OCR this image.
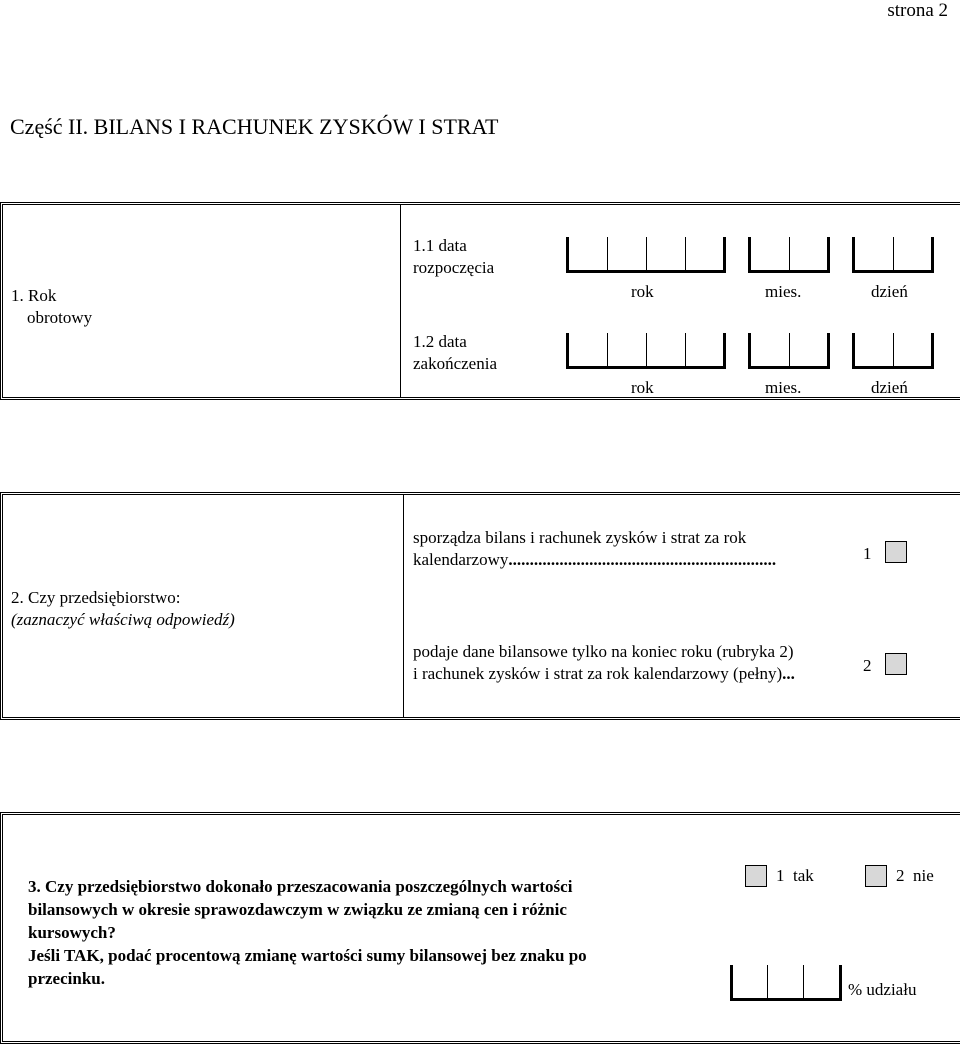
strona 2
Część II. BILANS I RACHUNEK ZYSKÓW I STRAT
1. Rok
obrotowy
1.1 data
rozpoczęcia
rok	mies.	dzień
1.2 data
zakończenia
rok	mies.	dzień
2. Czy przedsiębiorstwo:
(zaznaczyć właściwą odpowiedź)
sporządza bilans i rachunek zysków i strat za rok
kalendarzowy...............................................................	1
podaje dane bilansowe tylko na koniec roku (rubryka 2)
i rachunek zysków i strat za rok kalendarzowy (pełny)...	2
3. Czy przedsiębiorstwo dokonało przeszacowania poszczególnych wartości
bilansowych w okresie sprawozdawczym w związku ze zmianą cen i różnic
kursowych?
Jeśli TAK, podać procentową zmianę wartości sumy bilansowej bez znaku po
przecinku.
1 tak	2 nie
% udziału
